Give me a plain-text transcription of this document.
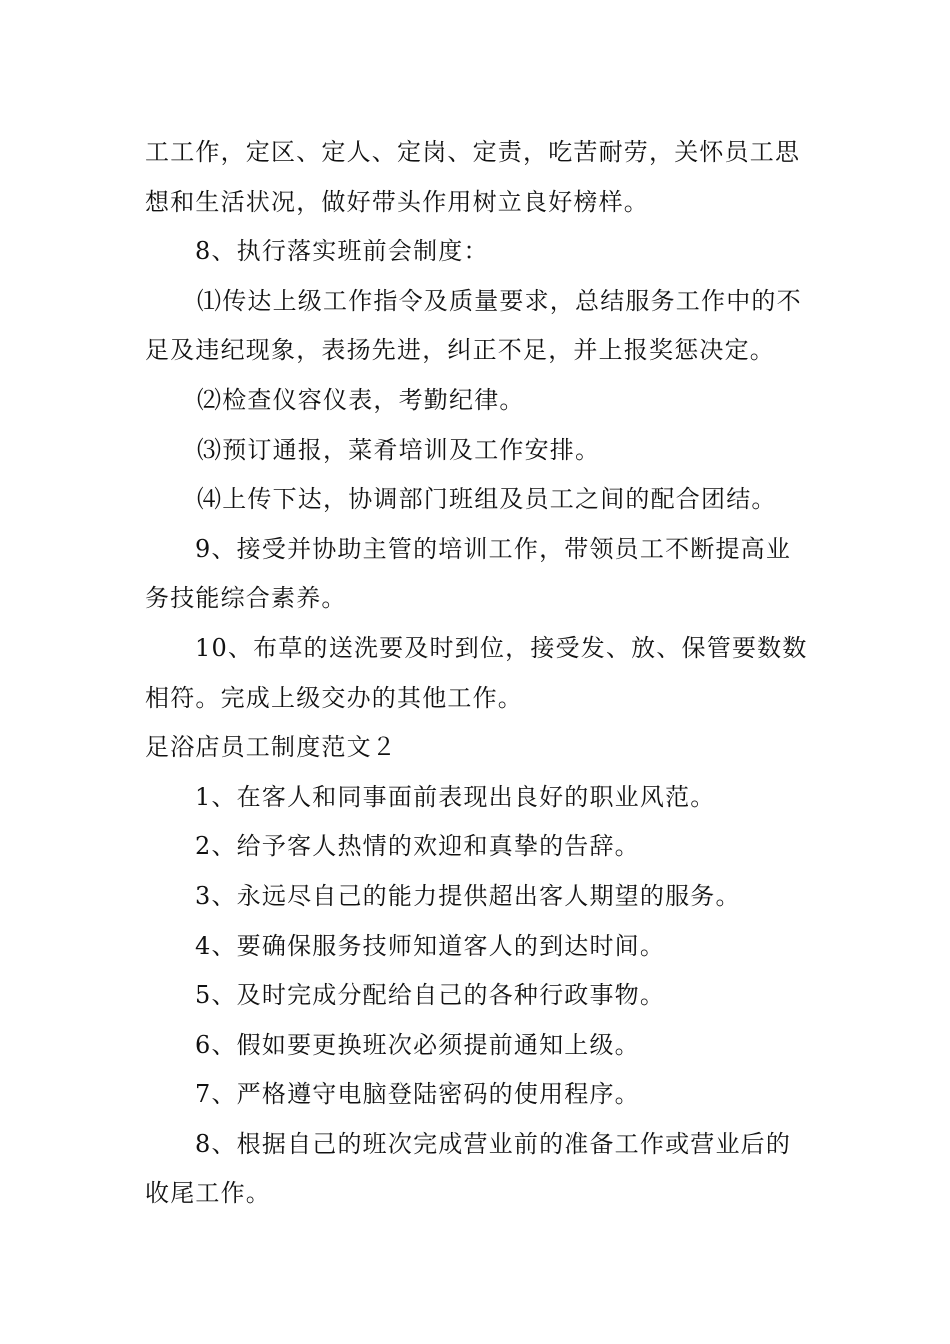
工工作，定区、定人、定岗、定责，吃苦耐劳，关怀员工思想和生活状况，做好带头作用树立良好榜样。

8、执行落实班前会制度：

⑴传达上级工作指令及质量要求，总结服务工作中的不足及违纪现象，表扬先进，纠正不足，并上报奖惩决定。

⑵检查仪容仪表，考勤纪律。

⑶预订通报，菜肴培训及工作安排。

⑷上传下达，协调部门班组及员工之间的配合团结。

9、接受并协助主管的培训工作，带领员工不断提高业务技能综合素养。

10、布草的送洗要及时到位，接受发、放、保管要数数相符。完成上级交办的其他工作。

足浴店员工制度范文２

1、在客人和同事面前表现出良好的职业风范。

2、给予客人热情的欢迎和真挚的告辞。

3、永远尽自己的能力提供超出客人期望的服务。

4、要确保服务技师知道客人的到达时间。

5、及时完成分配给自己的各种行政事物。

6、假如要更换班次必须提前通知上级。

7、严格遵守电脑登陆密码的使用程序。

8、根据自己的班次完成营业前的准备工作或营业后的收尾工作。
